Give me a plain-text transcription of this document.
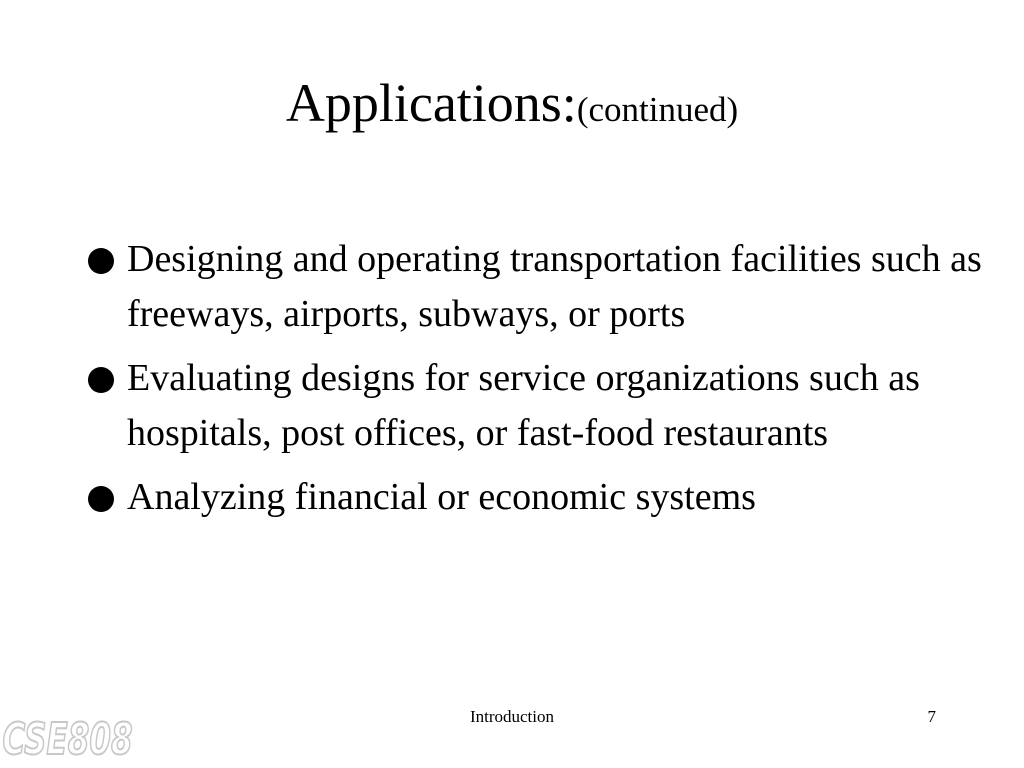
Applications:(continued)
Designing and operating transportation facilities such as freeways, airports, subways, or ports
Evaluating designs for service organizations such as hospitals, post offices, or fast-food restaurants
Analyzing financial or economic systems
CSE808	Introduction	7
